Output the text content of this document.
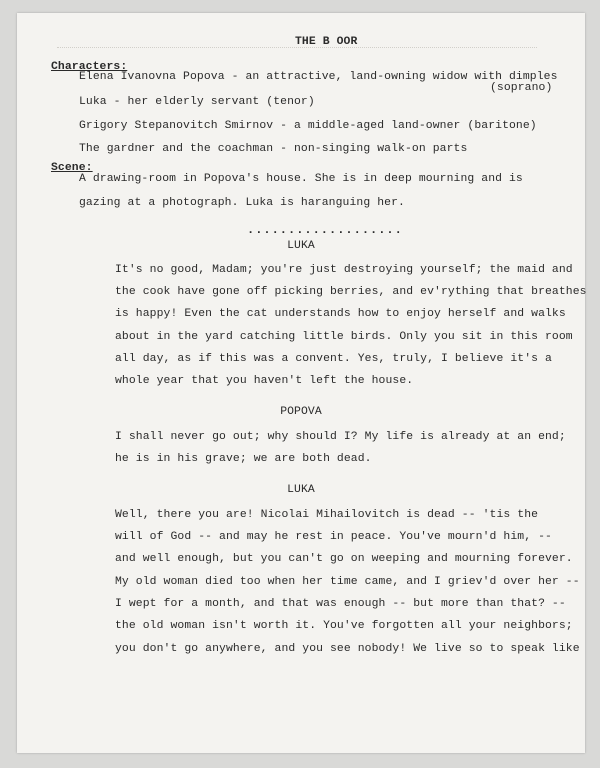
THE B OOR
Characters:
Elena Ivanovna Popova - an attractive, land-owning widow with dimples
(soprano)
Luka - her elderly servant (tenor)
Grigory Stepanovitch Smirnov - a middle-aged land-owner (baritone)
The gardner and the coachman - non-singing walk-on parts
Scene:
A drawing-room in Popova's house. She is in deep mourning and is
gazing at a photograph. Luka is haranguing her.
...................
LUKA
It's no good, Madam; you're just destroying yourself; the maid and
the cook have gone off picking berries, and ev'rything that breathes
is happy! Even the cat understands how to enjoy herself and walks
about in the yard catching little birds. Only you sit in this room
all day, as if this was a convent. Yes, truly, I believe it's a
whole year that you haven't left the house.
POPOVA
I shall never go out; why should I? My life is already at an end;
he is in his grave; we are both dead.
LUKA
Well, there you are! Nicolai Mihailovitch is dead -- 'tis the
will of God -- and may he rest in peace. You've mourn'd him, --
and well enough, but you can't go on weeping and mourning forever.
My old woman died too when her time came, and I griev'd over her --
I wept for a month, and that was enough -- but more than that? --
the old woman isn't worth it. You've forgotten all your neighbors;
you don't go anywhere, and you see nobody! We live so to speak like
